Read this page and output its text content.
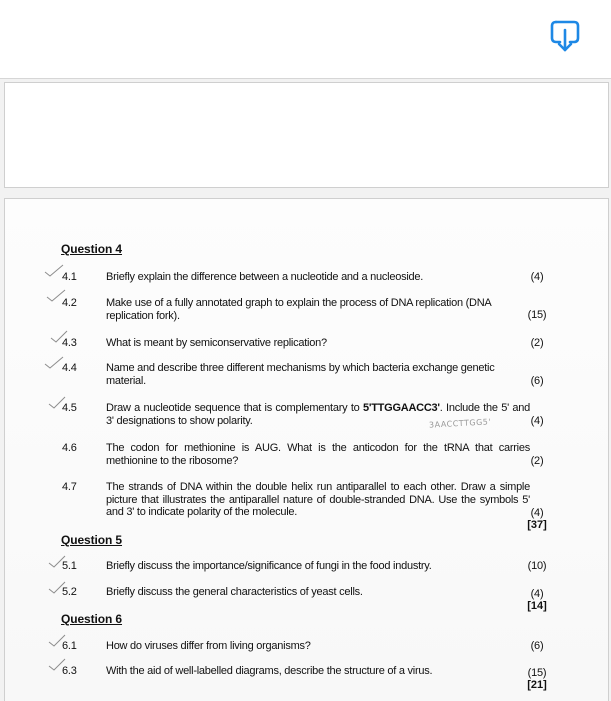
Question 4
4.1	Briefly explain the difference between a nucleotide and a nucleoside.	(4)
4.2	Make use of a fully annotated graph to explain the process of DNA replication (DNA replication fork).	(15)
4.3	What is meant by semiconservative replication?	(2)
4.4	Name and describe three different mechanisms by which bacteria exchange genetic material.	(6)
4.5	Draw a nucleotide sequence that is complementary to 5'TTGGAACC3'. Include the 5' and 3' designations to show polarity.	(4)
3AACCTTGG5'
4.6	The codon for methionine is AUG. What is the anticodon for the tRNA that carries methionine to the ribosome?	(2)
4.7	The strands of DNA within the double helix run antiparallel to each other. Draw a simple picture that illustrates the antiparallel nature of double-stranded DNA. Use the symbols 5' and 3' to indicate polarity of the molecule.	(4)
[37]
Question 5
5.1	Briefly discuss the importance/significance of fungi in the food industry.	(10)
5.2	Briefly discuss the general characteristics of yeast cells.	(4)
[14]
Question 6
6.1	How do viruses differ from living organisms?	(6)
6.3	With the aid of well-labelled diagrams, describe the structure of a virus.	(15)
[21]
